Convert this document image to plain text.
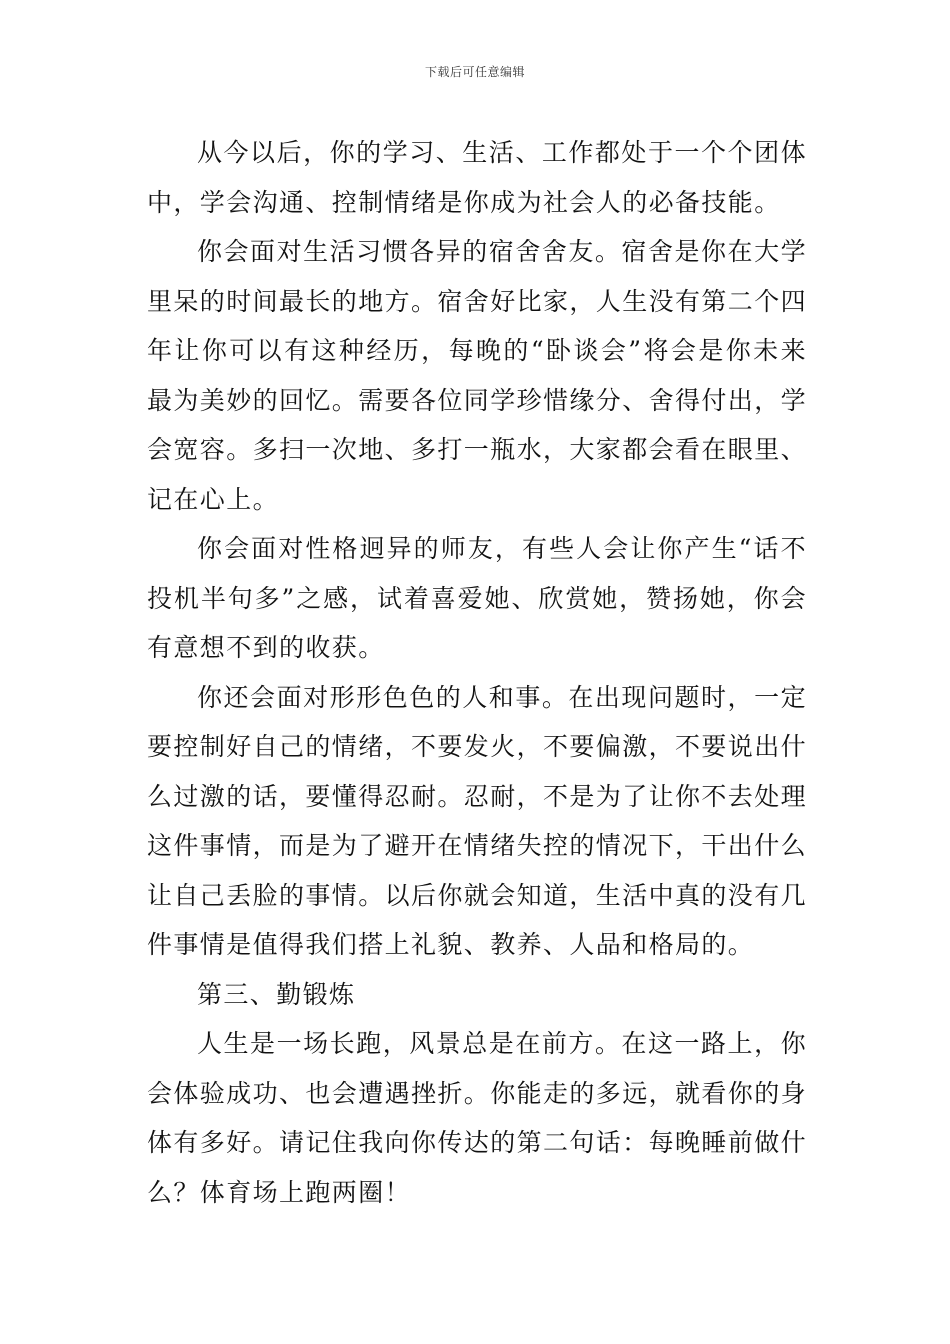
下载后可任意编辑

从今以后，你的学习、生活、工作都处于一个个团体中，学会沟通、控制情绪是你成为社会人的必备技能。

你会面对生活习惯各异的宿舍舍友。宿舍是你在大学里呆的时间最长的地方。宿舍好比家，人生没有第二个四年让你可以有这种经历，每晚的“卧谈会”将会是你未来最为美妙的回忆。需要各位同学珍惜缘分、舍得付出，学会宽容。多扫一次地、多打一瓶水，大家都会看在眼里、记在心上。

你会面对性格迥异的师友，有些人会让你产生“话不投机半句多”之感，试着喜爱她、欣赏她，赞扬她，你会有意想不到的收获。

你还会面对形形色色的人和事。在出现问题时，一定要控制好自己的情绪，不要发火，不要偏激，不要说出什么过激的话，要懂得忍耐。忍耐，不是为了让你不去处理这件事情，而是为了避开在情绪失控的情况下，干出什么让自己丢脸的事情。以后你就会知道，生活中真的没有几件事情是值得我们搭上礼貌、教养、人品和格局的。

第三、勤锻炼

人生是一场长跑，风景总是在前方。在这一路上，你会体验成功、也会遭遇挫折。你能走的多远，就看你的身体有多好。请记住我向你传达的第二句话：每晚睡前做什么？体育场上跑两圈！
